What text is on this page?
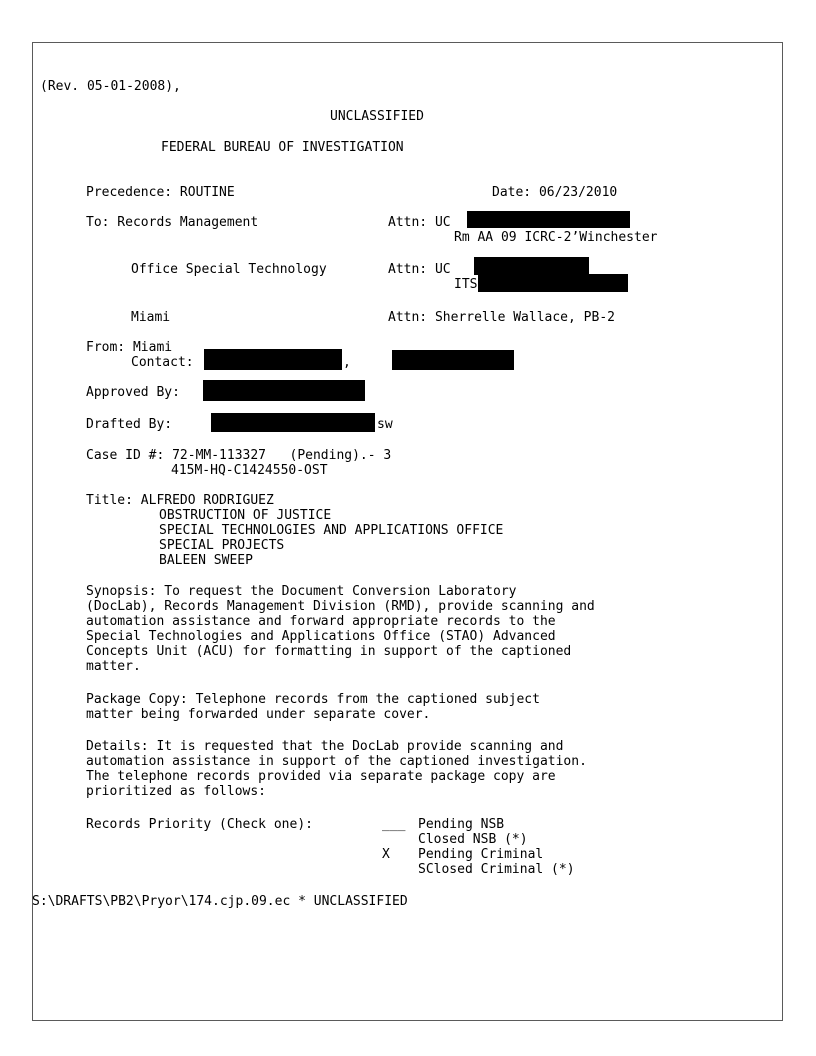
(Rev. 05-01-2008),
UNCLASSIFIED
FEDERAL BUREAU OF INVESTIGATION
Precedence: ROUTINE	Date: 06/23/2010
To: Records Management	Attn: UC
Rm AA 09 ICRC-2’Winchester
Office Special Technology	Attn: UC
ITS
Miami	Attn: Sherrelle Wallace, PB-2
From: Miami
Contact:	,
Approved By:
Drafted By:	sw
Case ID #: 72-MM-113327   (Pending).- 3
415M-HQ-C1424550-OST
Title: ALFREDO RODRIGUEZ
OBSTRUCTION OF JUSTICE
SPECIAL TECHNOLOGIES AND APPLICATIONS OFFICE
SPECIAL PROJECTS
BALEEN SWEEP
Synopsis: To request the Document Conversion Laboratory
(DocLab), Records Management Division (RMD), provide scanning and
automation assistance and forward appropriate records to the
Special Technologies and Applications Office (STAO) Advanced
Concepts Unit (ACU) for formatting in support of the captioned
matter.
Package Copy: Telephone records from the captioned subject
matter being forwarded under separate cover.
Details: It is requested that the DocLab provide scanning and
automation assistance in support of the captioned investigation.
The telephone records provided via separate package copy are
prioritized as follows:
Records Priority (Check one):	___ Pending NSB
Closed NSB (*)
X Pending Criminal
SClosed Criminal (*)
S:\DRAFTS\PB2\Pryor\174.cjp.09.ec * UNCLASSIFIED
